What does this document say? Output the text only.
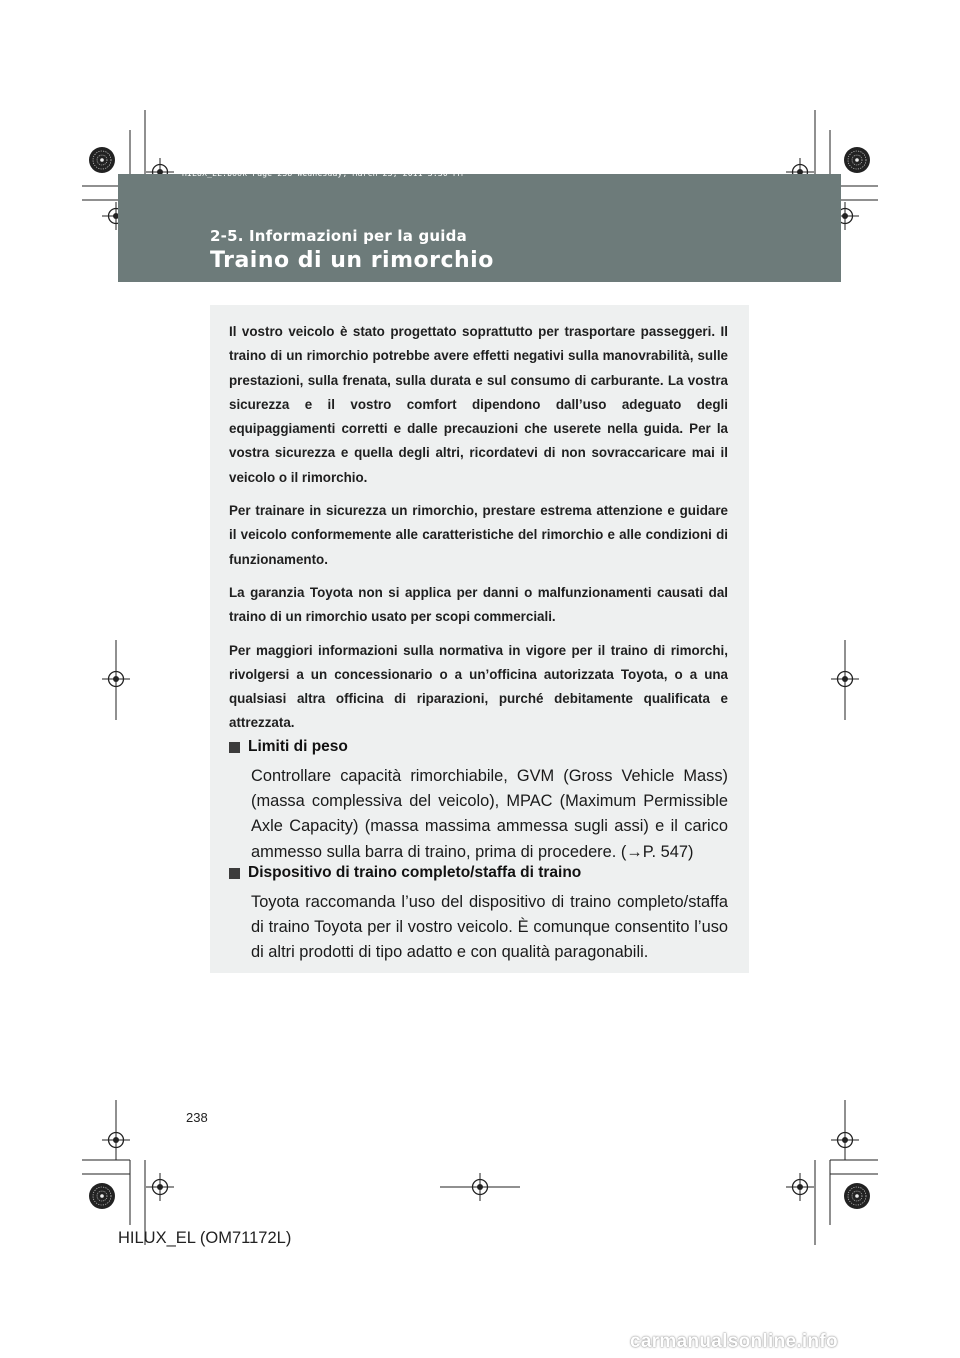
HILUX_EL.book Page 238 Wednesday, March 23, 2011 3:30 PM
2-5. Informazioni per la guida
Traino di un rimorchio

Il vostro veicolo è stato progettato soprattutto per trasportare passeggeri. Il traino di un rimorchio potrebbe avere effetti negativi sulla manovrabilità, sulle prestazioni, sulla frenata, sulla durata e sul consumo di carburante. La vostra sicurezza e il vostro comfort dipendono dall’uso adeguato degli equipaggiamenti corretti e dalle precauzioni che userete nella guida. Per la vostra sicurezza e quella degli altri, ricordatevi di non sovraccaricare mai il veicolo o il rimorchio.

Per trainare in sicurezza un rimorchio, prestare estrema attenzione e guidare il veicolo conformemente alle caratteristiche del rimorchio e alle condizioni di funzionamento.

La garanzia Toyota non si applica per danni o malfunzionamenti causati dal traino di un rimorchio usato per scopi commerciali.

Per maggiori informazioni sulla normativa in vigore per il traino di rimorchi, rivolgersi a un concessionario o a un’officina autorizzata Toyota, o a una qualsiasi altra officina di riparazioni, purché debitamente qualificata e attrezzata.

Limiti di peso
Controllare capacità rimorchiabile, GVM (Gross Vehicle Mass) (massa complessiva del veicolo), MPAC (Maximum Permissible Axle Capacity) (massa massima ammessa sugli assi) e il carico ammesso sulla barra di traino, prima di procedere. (→P. 547)
Dispositivo di traino completo/staffa di traino
Toyota raccomanda l’uso del dispositivo di traino completo/staffa di traino Toyota per il vostro veicolo. È comunque consentito l’uso di altri prodotti di tipo adatto e con qualità paragonabili.
238
HILUX_EL (OM71172L)
carmanualsonline.info
